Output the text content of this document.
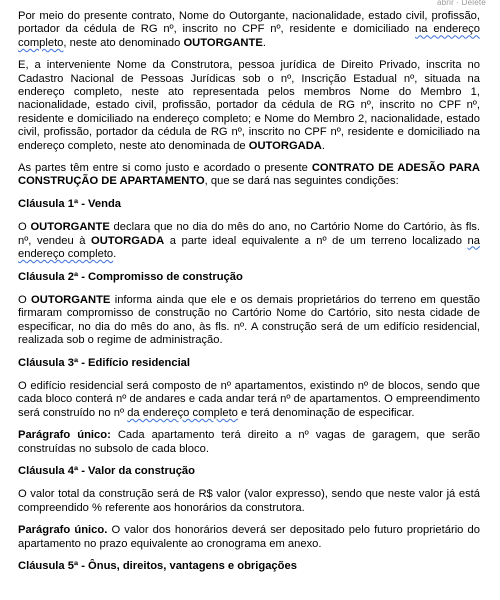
abrir · Delete

Por meio do presente contrato, Nome do Outorgante, nacionalidade, estado civil, profissão, portador da cédula de RG nº, inscrito no CPF nº, residente e domiciliado na endereço completo, neste ato denominado OUTORGANTE.

E, a interveniente Nome da Construtora, pessoa jurídica de Direito Privado, inscrita no Cadastro Nacional de Pessoas Jurídicas sob o nº, Inscrição Estadual nº, situada na endereço completo, neste ato representada pelos membros Nome do Membro 1, nacionalidade, estado civil, profissão, portador da cédula de RG nº, inscrito no CPF nº, residente e domiciliado na endereço completo; e Nome do Membro 2, nacionalidade, estado civil, profissão, portador da cédula de RG nº, inscrito no CPF nº, residente e domiciliado na endereço completo, neste ato denominada de OUTORGADA.

As partes têm entre si como justo e acordado o presente CONTRATO DE ADESÃO PARA CONSTRUÇÃO DE APARTAMENTO, que se dará nas seguintes condições:

Cláusula 1ª - Venda

O OUTORGANTE declara que no dia do mês do ano, no Cartório Nome do Cartório, às fls. nº, vendeu à OUTORGADA a parte ideal equivalente a nº de um terreno localizado na endereço completo.

Cláusula 2ª - Compromisso de construção

O OUTORGANTE informa ainda que ele e os demais proprietários do terreno em questão firmaram compromisso de construção no Cartório Nome do Cartório, sito nesta cidade de especificar, no dia do mês do ano, às fls. nº. A construção será de um edifício residencial, realizada sob o regime de administração.

Cláusula 3ª - Edifício residencial

O edifício residencial será composto de nº apartamentos, existindo nº de blocos, sendo que cada bloco conterá nº de andares e cada andar terá nº de apartamentos. O empreendimento será construído no nº da endereço completo e terá denominação de especificar.

Parágrafo único: Cada apartamento terá direito a nº vagas de garagem, que serão construídas no subsolo de cada bloco.

Cláusula 4ª - Valor da construção

O valor total da construção será de R$ valor (valor expresso), sendo que neste valor já está compreendido % referente aos honorários da construtora.

Parágrafo único. O valor dos honorários deverá ser depositado pelo futuro proprietário do apartamento no prazo equivalente ao cronograma em anexo.

Cláusula 5ª - Ônus, direitos, vantagens e obrigações
